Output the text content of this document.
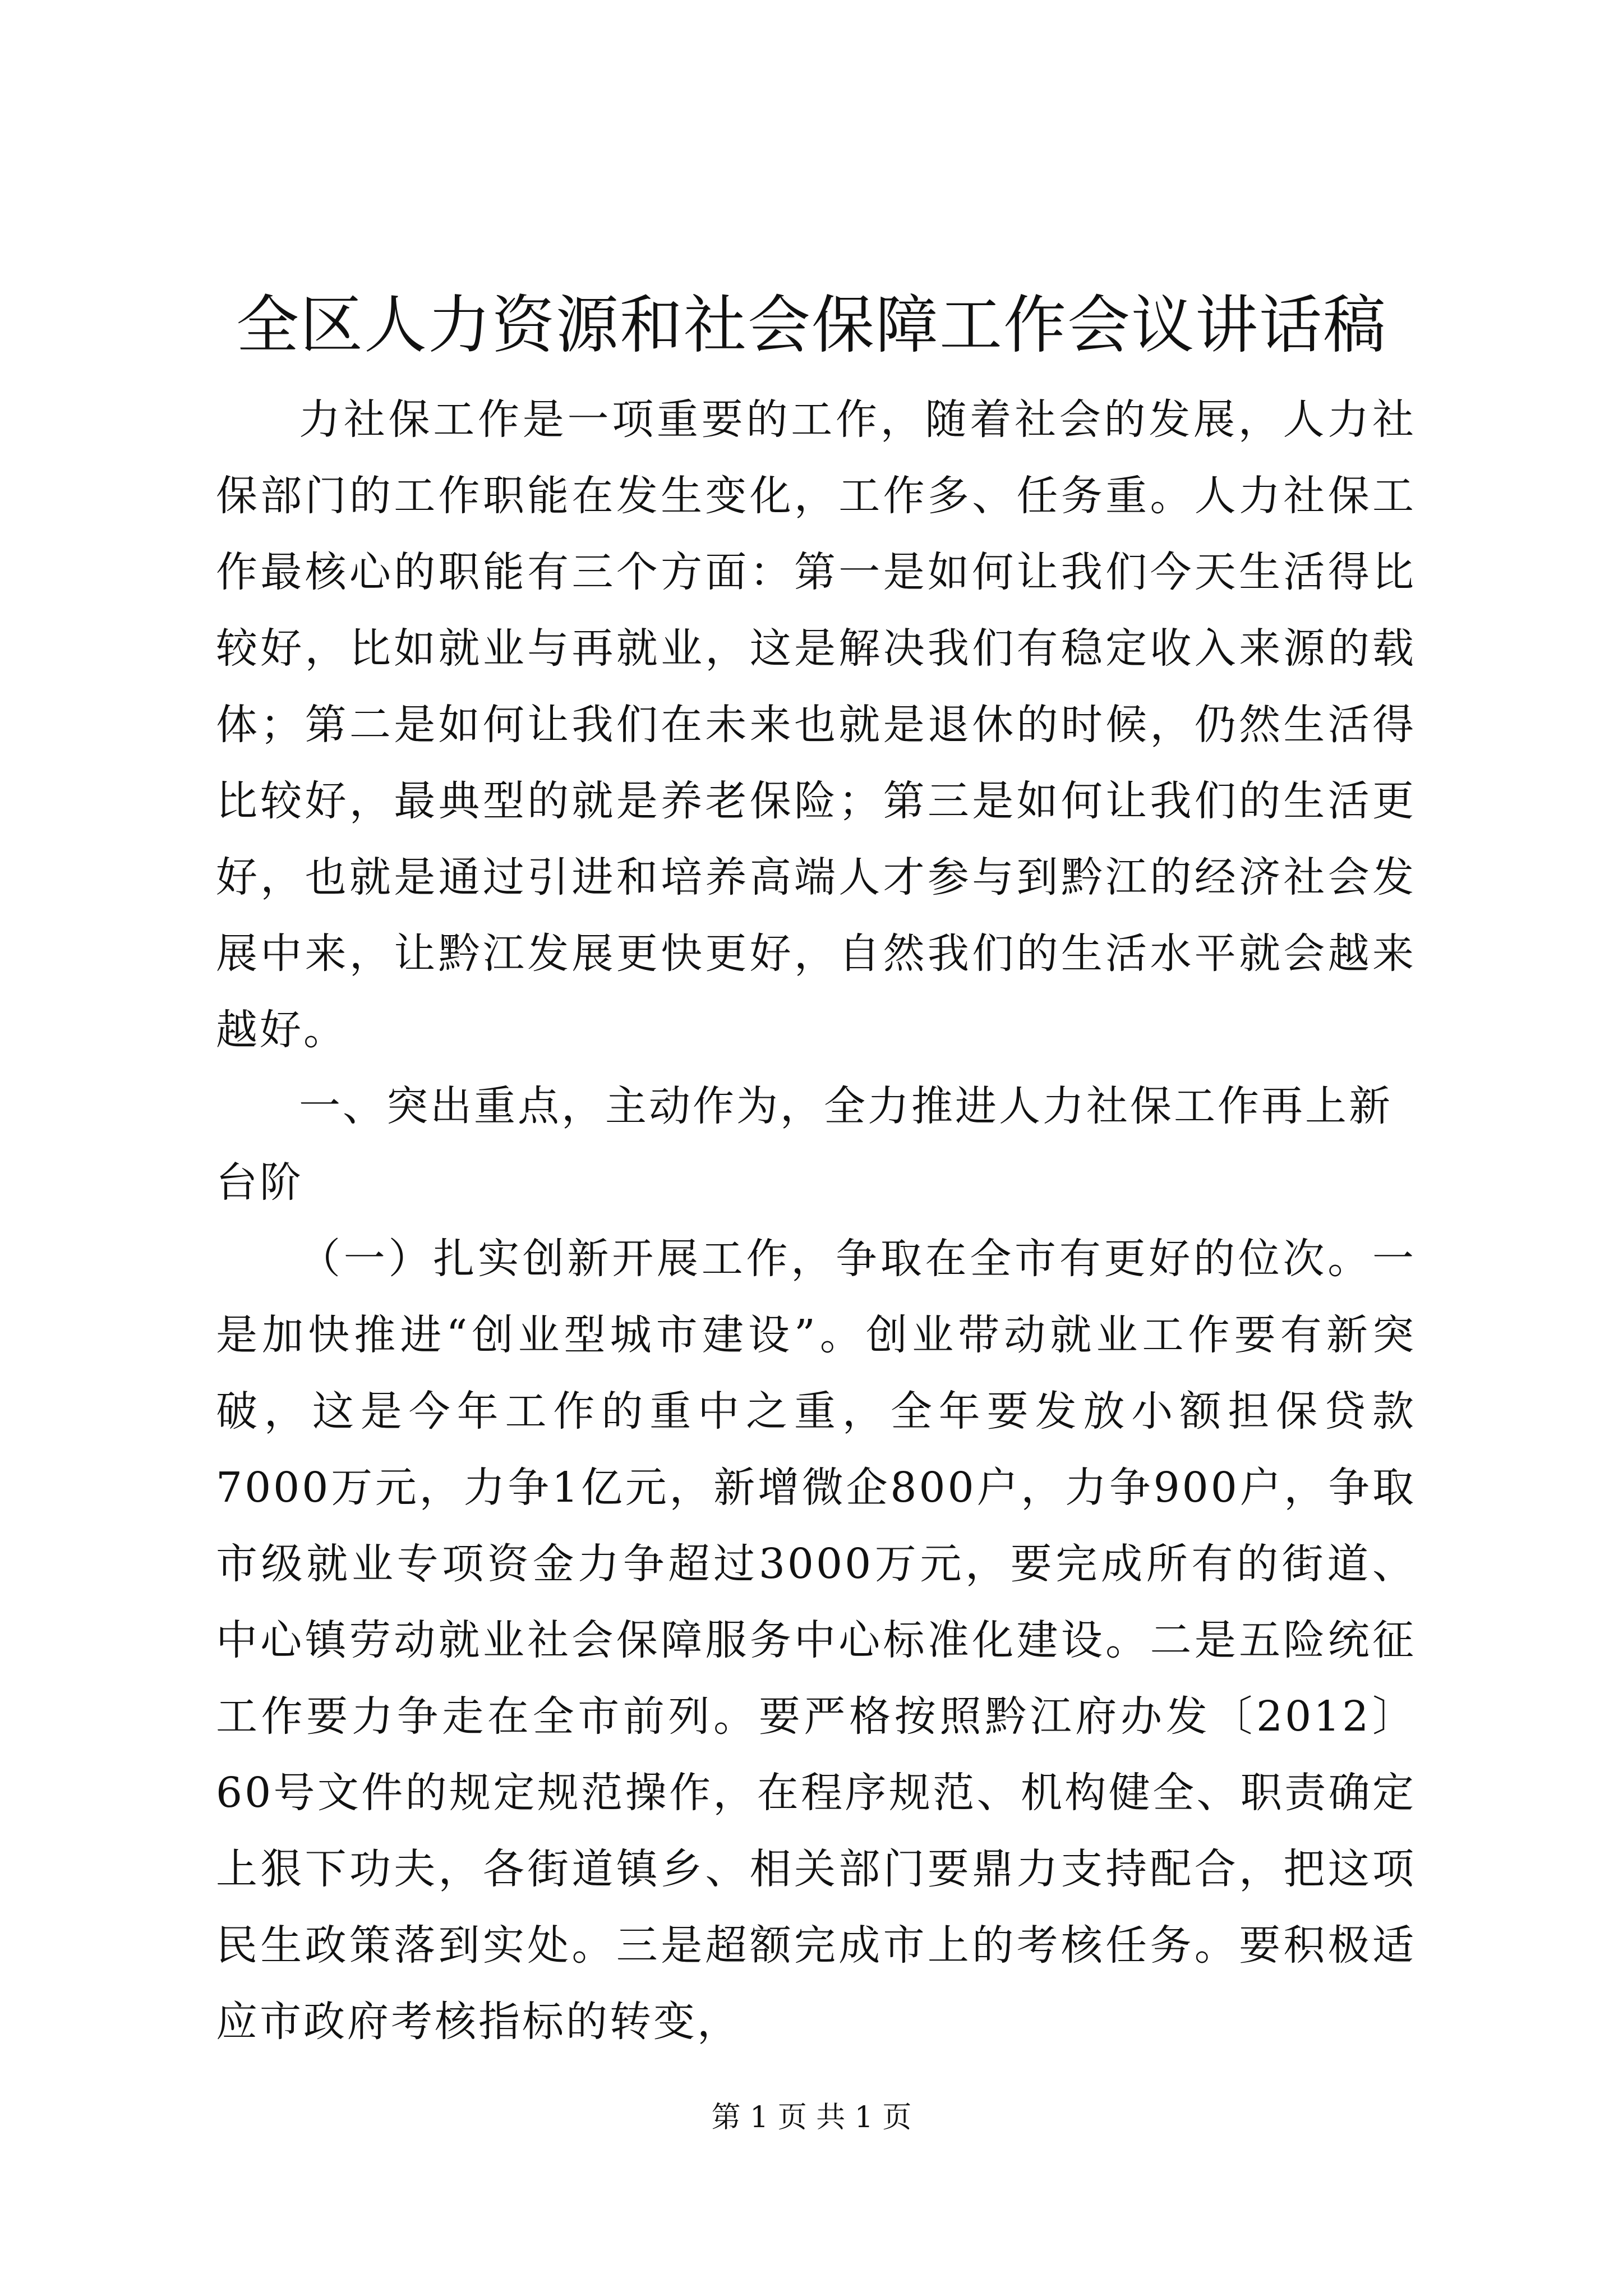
全区人力资源和社会保障工作会议讲话稿

力社保工作是一项重要的工作，随着社会的发展，人力社保部门的工作职能在发生变化，工作多、任务重。人力社保工作最核心的职能有三个方面：第一是如何让我们今天生活得比较好，比如就业与再就业，这是解决我们有稳定收入来源的载体；第二是如何让我们在未来也就是退休的时候，仍然生活得比较好，最典型的就是养老保险；第三是如何让我们的生活更好，也就是通过引进和培养高端人才参与到黔江的经济社会发展中来，让黔江发展更快更好，自然我们的生活水平就会越来越好。

一、突出重点，主动作为，全力推进人力社保工作再上新台阶

（一）扎实创新开展工作，争取在全市有更好的位次。一是加快推进“创业型城市建设”。创业带动就业工作要有新突破，这是今年工作的重中之重，全年要发放小额担保贷款7000万元，力争1亿元，新增微企800户，力争900户，争取市级就业专项资金力争超过3000万元，要完成所有的街道、中心镇劳动就业社会保障服务中心标准化建设。二是五险统征工作要力争走在全市前列。要严格按照黔江府办发〔2012〕60号文件的规定规范操作，在程序规范、机构健全、职责确定上狠下功夫，各街道镇乡、相关部门要鼎力支持配合，把这项民生政策落到实处。三是超额完成市上的考核任务。要积极适应市政府考核指标的转变，

第 1 页 共 1 页
